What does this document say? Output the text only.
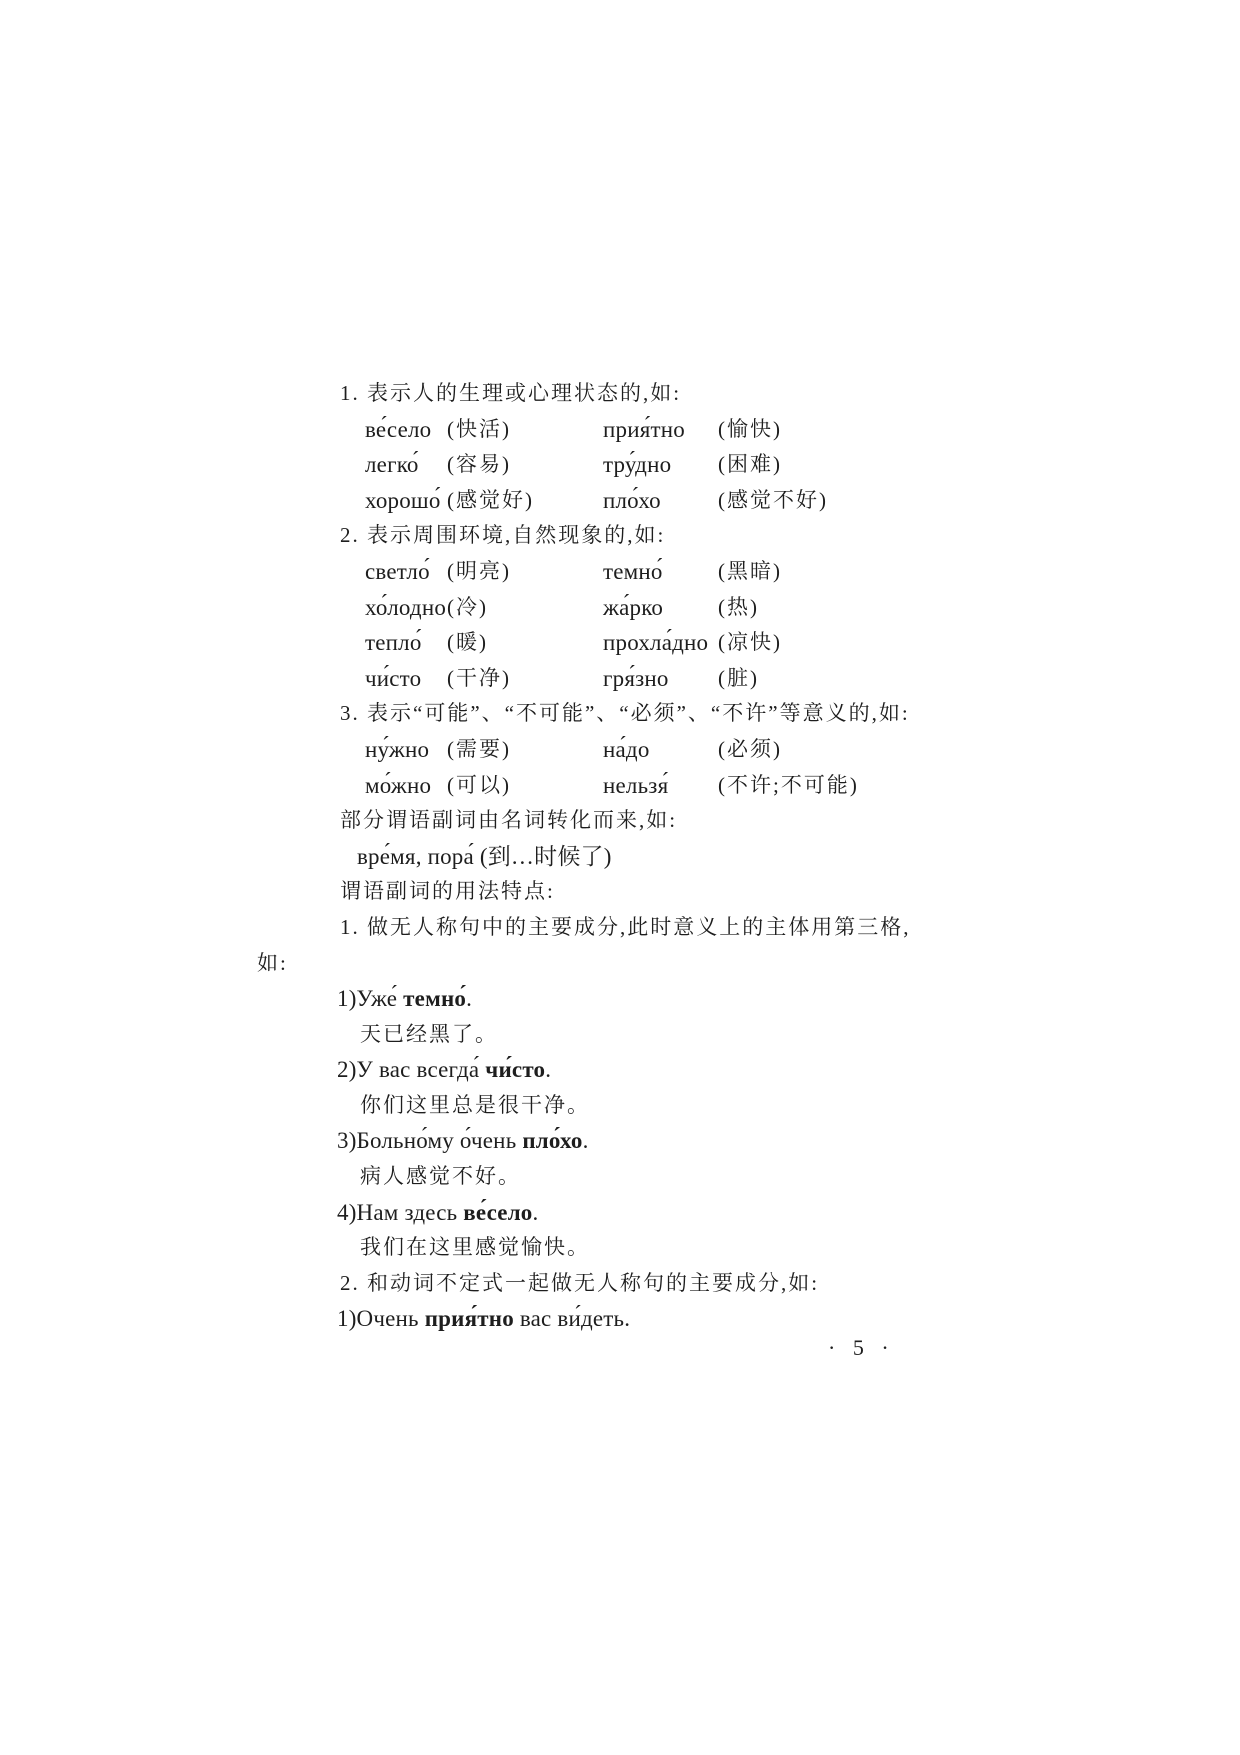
1. 表示人的生理或心理状态的,如:
ве́село (快活)	прия́тно	(愉快)
легко́	(容易)	тру́дно	(困难)
хорошо́ (感觉好)	пло́хо	(感觉不好)
2. 表示周围环境,自然现象的,如:
светло́ (明亮)	темно́	(黑暗)
хо́лодно (冷)	жа́рко	(热)
тепло́	(暖)	прохла́дно (凉快)
чи́сто	(干净)	гря́зно	(脏)
3. 表示“可能”、“不可能”、“必须”、“不许”等意义的,如:
ну́жно (需要)	на́до	(必须)
мо́жно (可以)	нельзя́	(不许;不可能)
部分谓语副词由名词转化而来,如:
вре́мя, пора́ (到…时候了)
谓语副词的用法特点:
1. 做无人称句中的主要成分,此时意义上的主体用第三格,
如:
1)Уже́ темно́.
天已经黑了。
2)У вас всегда́ чи́сто.
你们这里总是很干净。
3)Больно́му о́чень пло́хо.
病人感觉不好。
4)Нам здесь ве́село.
我们在这里感觉愉快。
2. 和动词不定式一起做无人称句的主要成分,如:
1)Очень прия́тно вас ви́деть.
· 5 ·
